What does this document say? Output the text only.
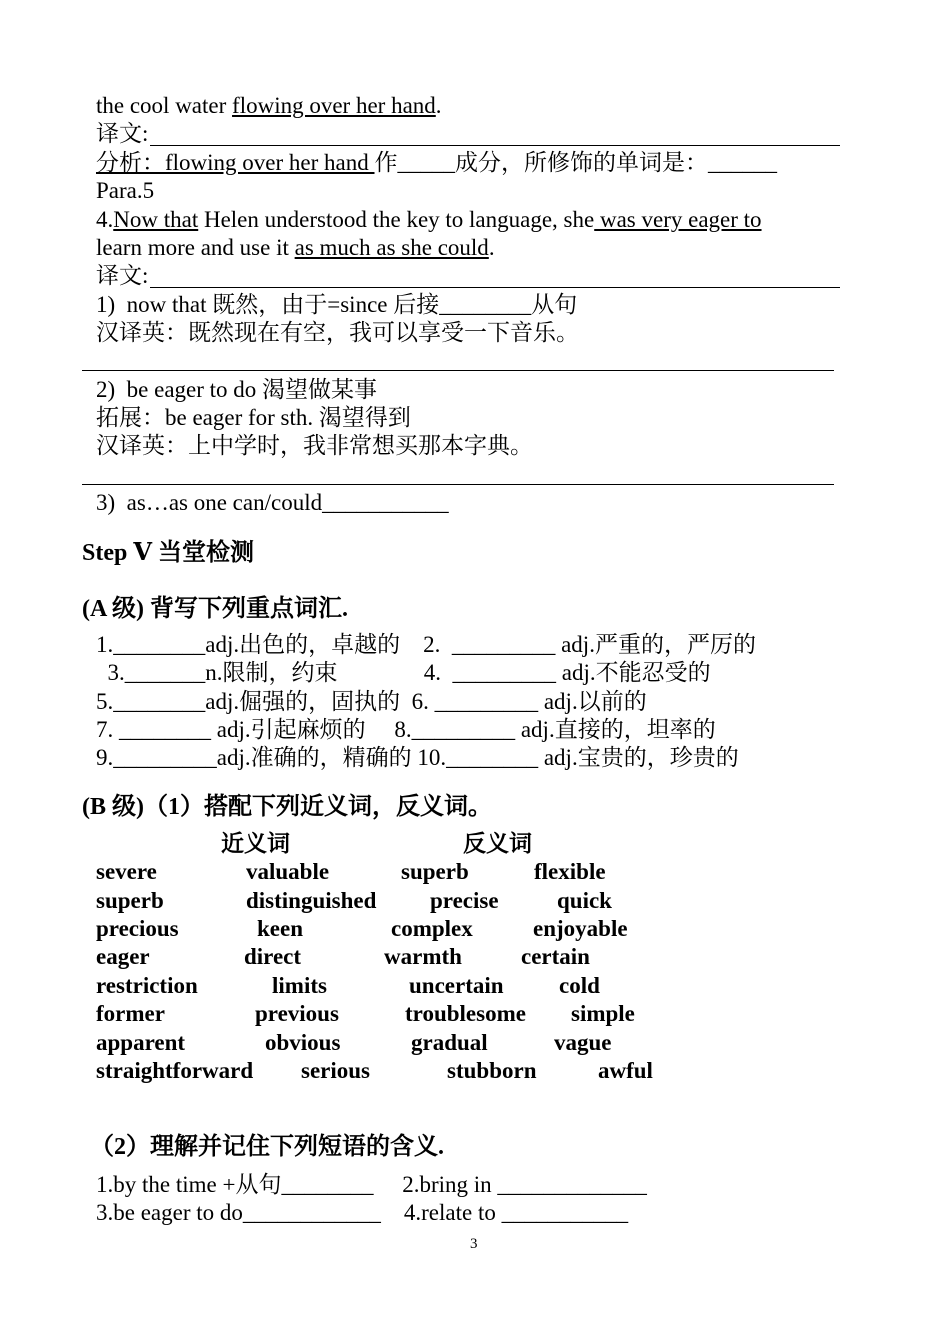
the cool water flowing over her hand.
译文:
分析：flowing over her hand 作_____成分，所修饰的单词是：______
Para.5
4.Now that Helen understood the key to language, she was very eager to
learn more and use it as much as she could.
译文:
1)  now that 既然，由于=since 后接________从句
汉译英：既然现在有空，我可以享受一下音乐。
2)  be eager to do 渴望做某事
拓展：be eager for sth. 渴望得到
汉译英：上中学时，我非常想买那本字典。
3)  as…as one can/could___________
Step Ⅴ 当堂检测
(A 级) 背写下列重点词汇.
1.________adj.出色的，卓越的    2.  _________ adj.严重的，严厉的
3._______n.限制，约束               4.  _________ adj.不能忍受的
5.________adj.倔强的，固执的  6. _________ adj.以前的
7. ________ adj.引起麻烦的     8._________ adj.直接的，坦率的
9._________adj.准确的，精确的 10.________ adj.宝贵的，珍贵的
(B 级)（1）搭配下列近义词，反义词。
近义词	反义词
severe	valuable	superb	flexible
superb	distinguished precise	quick
precious	keen	complex	enjoyable
eager	direct	warmth	certain
restriction	limits	uncertain cold
former	previous	troublesome simple
apparent	obvious	gradual	vague
straightforward serious	stubborn	awful
（2）理解并记住下列短语的含义.
1.by the time +从句________     2.bring in _____________
3.be eager to do____________    4.relate to ___________
3
